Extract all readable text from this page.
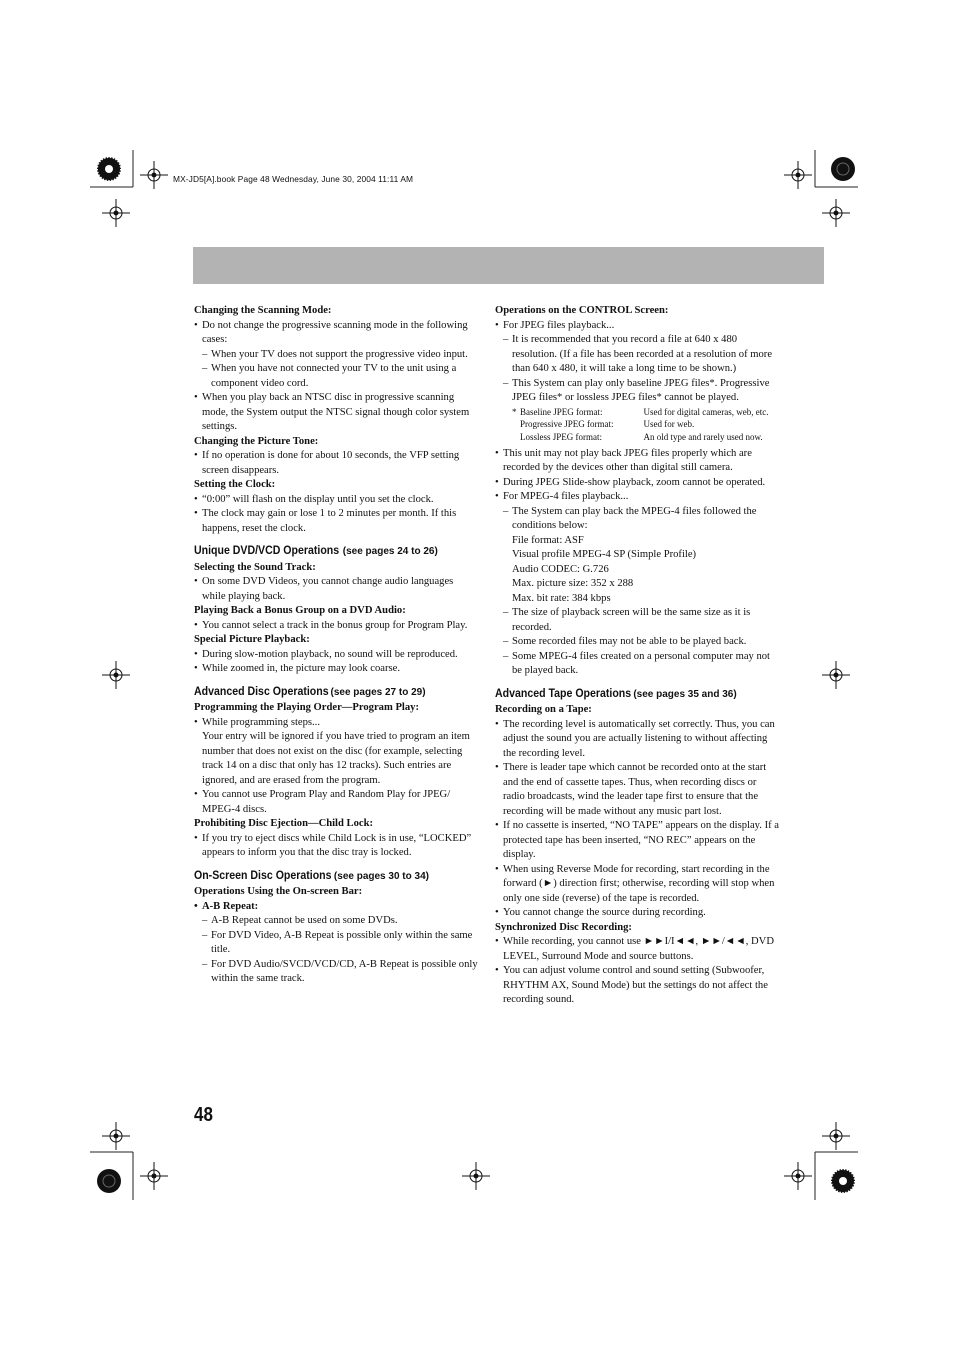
MX-JD5[A].book Page 48 Wednesday, June 30, 2004 11:11 AM

Changing the Scanning Mode:

• Do not change the progressive scanning mode in the following cases:

– When your TV does not support the progressive video input.

– When you have not connected your TV to the unit using a component video cord.

• When you play back an NTSC disc in progressive scanning mode, the System output the NTSC signal though color system settings.

Changing the Picture Tone:

• If no operation is done for about 10 seconds, the VFP setting screen disappears.

Setting the Clock:

• “0:00” will flash on the display until you set the clock.

• The clock may gain or lose 1 to 2 minutes per month. If this happens, reset the clock.

Unique DVD/VCD Operations (see pages 24 to 26)

Selecting the Sound Track:

• On some DVD Videos, you cannot change audio languages while playing back.

Playing Back a Bonus Group on a DVD Audio:

• You cannot select a track in the bonus group for Program Play.

Special Picture Playback:

• During slow-motion playback, no sound will be reproduced.

• While zoomed in, the picture may look coarse.

Advanced Disc Operations (see pages 27 to 29)

Programming the Playing Order—Program Play:

• While programming steps...

Your entry will be ignored if you have tried to program an item number that does not exist on the disc (for example, selecting track 14 on a disc that only has 12 tracks). Such entries are ignored, and are erased from the program.

• You cannot use Program Play and Random Play for JPEG/ MPEG-4 discs.

Prohibiting Disc Ejection—Child Lock:

• If you try to eject discs while Child Lock is in use, “LOCKED” appears to inform you that the disc tray is locked.

On-Screen Disc Operations (see pages 30 to 34)

Operations Using the On-screen Bar:

• A-B Repeat:

– A-B Repeat cannot be used on some DVDs.

– For DVD Video, A-B Repeat is possible only within the same title.

– For DVD Audio/SVCD/VCD/CD, A-B Repeat is possible only within the same track.

Operations on the CONTROL Screen:

• For JPEG files playback...

– It is recommended that you record a file at 640 x 480 resolution. (If a file has been recorded at a resolution of more than 640 x 480, it will take a long time to be shown.)

– This System can play only baseline JPEG files*. Progressive JPEG files* or lossless JPEG files* cannot be played.

*	Baseline JPEG format:	Used for digital cameras, web, etc.
	Progressive JPEG format:	Used for web.
	Lossless JPEG format:	An old type and rarely used now.

• This unit may not play back JPEG files properly which are recorded by the devices other than digital still camera.

• During JPEG Slide-show playback, zoom cannot be operated.

• For MPEG-4 files playback...

– The System can play back the MPEG-4 files followed the conditions below:

File format: ASF

Visual profile MPEG-4 SP (Simple Profile)

Audio CODEC: G.726

Max. picture size: 352 x 288

Max. bit rate: 384 kbps

– The size of playback screen will be the same size as it is recorded.

– Some recorded files may not be able to be played back.

– Some MPEG-4 files created on a personal computer may not be played back.

Advanced Tape Operations (see pages 35 and 36)

Recording on a Tape:

• The recording level is automatically set correctly. Thus, you can adjust the sound you are actually listening to without affecting the recording level.

• There is leader tape which cannot be recorded onto at the start and the end of cassette tapes. Thus, when recording discs or radio broadcasts, wind the leader tape first to ensure that the recording will be made without any music part lost.

• If no cassette is inserted, “NO TAPE” appears on the display. If a protected tape has been inserted, “NO REC” appears on the display.

• When using Reverse Mode for recording, start recording in the forward (►) direction first; otherwise, recording will stop when only one side (reverse) of the tape is recorded.

• You cannot change the source during recording.

Synchronized Disc Recording:

• While recording, you cannot use ►►I/I◄◄, ►►/◄◄, DVD LEVEL, Surround Mode and source buttons.

• You can adjust volume control and sound setting (Subwoofer, RHYTHM AX, Sound Mode) but the settings do not affect the recording sound.

48
